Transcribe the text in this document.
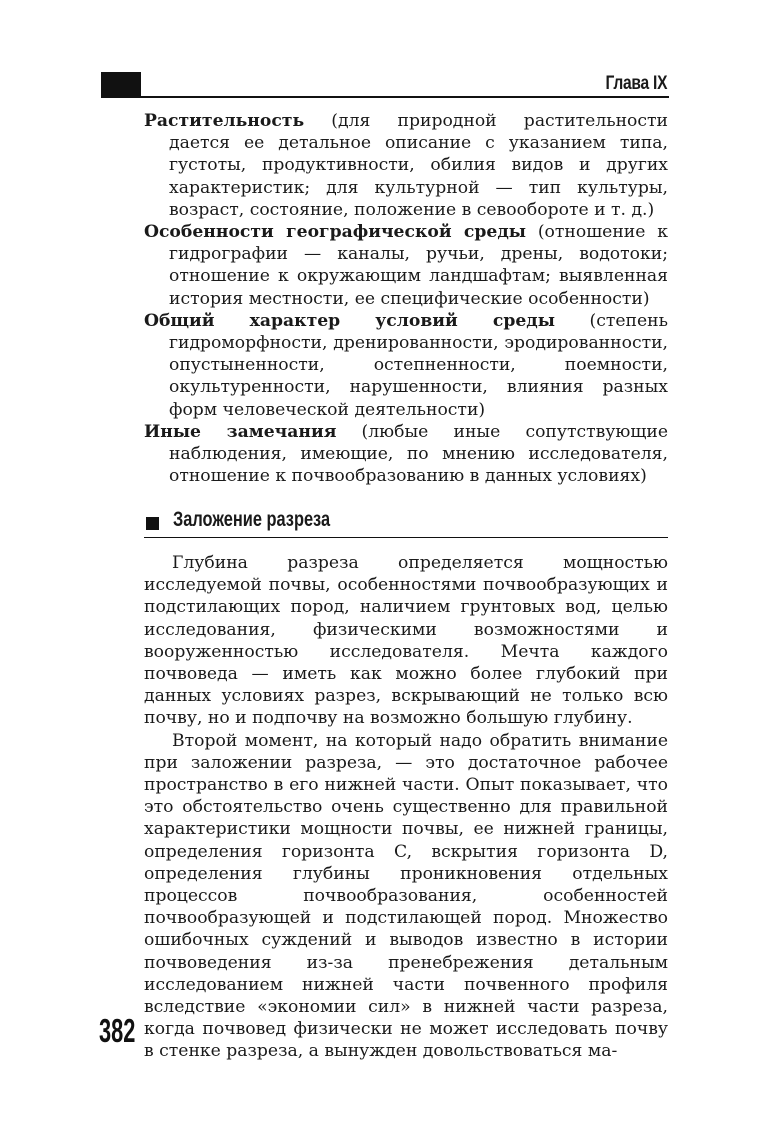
Глава IX
Растительность (для природной растительности дается ее детальное описание с указанием типа, густоты, продуктивности, обилия видов и других характеристик; для культурной — тип культуры, возраст, состояние, положение в севообороте и т. д.)
Особенности географической среды (отношение к гидрографии — каналы, ручьи, дрены, водотоки; отношение к окружающим ландшафтам; выявленная история местности, ее специфические особенности)
Общий характер условий среды (степень гидроморфности, дренированности, эродированности, опустыненности, остепненности, поемности, окультуренности, нарушенности, влияния разных форм человеческой деятельности)
Иные замечания (любые иные сопутствующие наблюдения, имеющие, по мнению исследователя, отношение к почвообразованию в данных условиях)
Заложение разреза

Глубина разреза определяется мощностью исследуемой почвы, особенностями почвообразующих и подстилающих пород, наличием грунтовых вод, целью исследования, физическими возможностями и вооруженностью исследователя. Мечта каждого почвоведа — иметь как можно более глубокий при данных условиях разрез, вскрывающий не только всю почву, но и подпочву на возможно большую глубину.

Второй момент, на который надо обратить внимание при заложении разреза, — это достаточное рабочее пространство в его нижней части. Опыт показывает, что это обстоятельство очень существенно для правильной характеристики мощности почвы, ее нижней границы, определения горизонта C, вскрытия горизонта D, определения глубины проникновения отдельных процессов почвообразования, особенностей почвообразующей и подстилающей пород. Множество ошибочных суждений и выводов известно в истории почвоведения из-за пренебрежения детальным исследованием нижней части почвенного профиля вследствие «экономии сил» в нижней части разреза, когда почвовед физически не может исследовать почву в стенке разреза, а вынужден довольствоваться ма-

382
